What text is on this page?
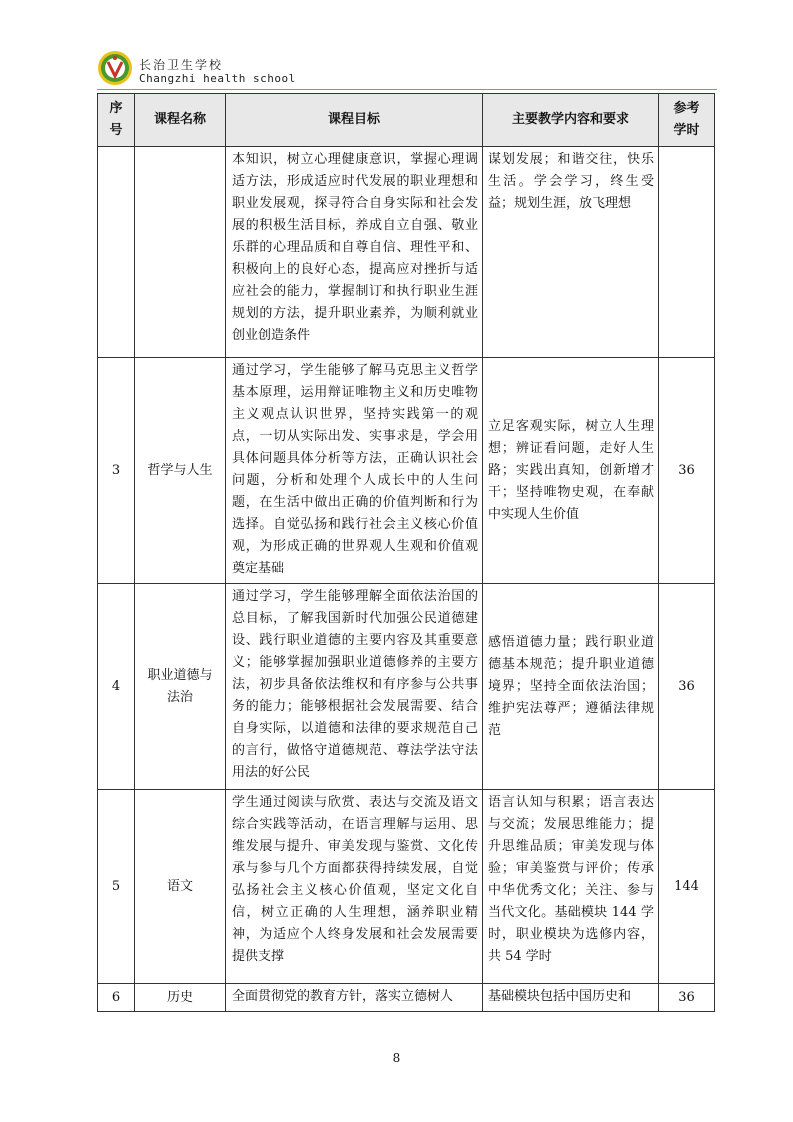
长治卫生学校
Changzhi health school
序号	课程名称	课程目标	主要教学内容和要求	参考学时
		本知识，树立心理健康意识，掌握心理调适方法，形成适应时代发展的职业理想和职业发展观，探寻符合自身实际和社会发展的积极生活目标，养成自立自强、敬业乐群的心理品质和自尊自信、理性平和、积极向上的良好心态，提高应对挫折与适应社会的能力，掌握制订和执行职业生涯规划的方法，提升职业素养，为顺利就业创业创造条件	谋划发展；和谐交往，快乐生活。学会学习，终生受益；规划生涯，放飞理想	
3	哲学与人生	通过学习，学生能够了解马克思主义哲学基本原理，运用辩证唯物主义和历史唯物主义观点认识世界，坚持实践第一的观点，一切从实际出发、实事求是，学会用具体问题具体分析等方法，正确认识社会问题，分析和处理个人成长中的人生问题，在生活中做出正确的价值判断和行为选择。自觉弘扬和践行社会主义核心价值观，为形成正确的世界观人生观和价值观奠定基础	立足客观实际，树立人生理想；辨证看问题，走好人生路；实践出真知，创新增才干；坚持唯物史观，在奉献中实现人生价值	36
4	职业道德与法治	通过学习，学生能够理解全面依法治国的总目标，了解我国新时代加强公民道德建设、践行职业道德的主要内容及其重要意义；能够掌握加强职业道德修养的主要方法，初步具备依法维权和有序参与公共事务的能力；能够根据社会发展需要、结合自身实际，以道德和法律的要求规范自己的言行，做恪守道德规范、尊法学法守法用法的好公民	感悟道德力量；践行职业道德基本规范；提升职业道德境界；坚持全面依法治国；维护宪法尊严；遵循法律规范	36
5	语文	学生通过阅读与欣赏、表达与交流及语文综合实践等活动，在语言理解与运用、思维发展与提升、审美发现与鉴赏、文化传承与参与几个方面都获得持续发展，自觉弘扬社会主义核心价值观，坚定文化自信，树立正确的人生理想，涵养职业精神，为适应个人终身发展和社会发展需要提供支撑	语言认知与积累；语言表达与交流；发展思维能力；提升思维品质；审美发现与体验；审美鉴赏与评价；传承中华优秀文化；关注、参与当代文化。基础模块 144 学时，职业模块为选修内容，共 54 学时	144
6	历史	全面贯彻党的教育方针，落实立德树人	基础模块包括中国历史和	36
8
